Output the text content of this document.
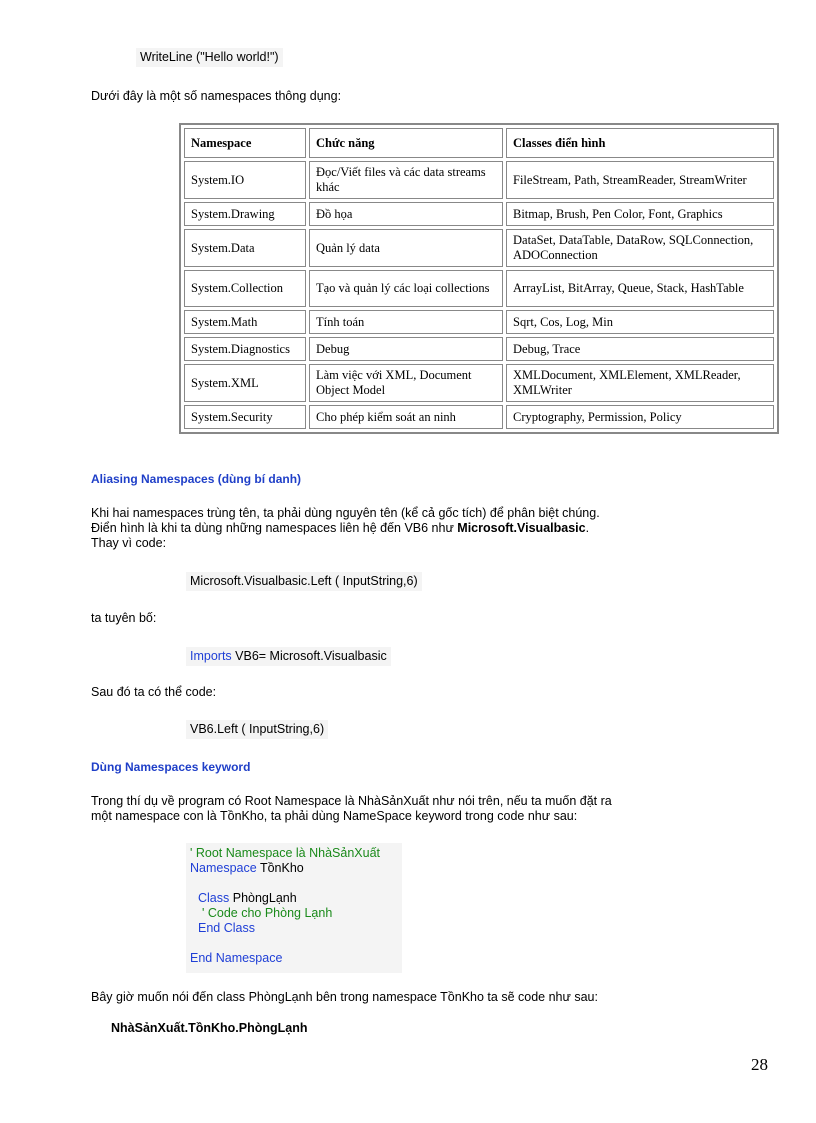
WriteLine ("Hello world!")
Dưới đây là một số namespaces thông dụng:
Namespace	Chức năng	Classes điển hình
System.IO	Đọc/Viết files và các data streams khác	FileStream, Path, StreamReader, StreamWriter
System.Drawing	Đồ họa	Bitmap, Brush, Pen Color, Font, Graphics
System.Data	Quản lý data	DataSet, DataTable, DataRow, SQLConnection, ADOConnection
System.Collection	Tạo và quản lý các loại collections	ArrayList, BitArray, Queue, Stack, HashTable
System.Math	Tính toán	Sqrt, Cos, Log, Min
System.Diagnostics	Debug	Debug, Trace
System.XML	Làm việc với XML, Document Object Model	XMLDocument, XMLElement, XMLReader, XMLWriter
System.Security	Cho phép kiểm soát an ninh	Cryptography, Permission, Policy
Aliasing Namespaces (dùng bí danh)
Khi hai namespaces trùng tên, ta phải dùng nguyên tên (kể cả gốc tích) để phân biệt chúng.
Điển hình là khi ta dùng những namespaces liên hệ đến VB6 như Microsoft.Visualbasic.
Thay vì code:
Microsoft.Visualbasic.Left ( InputString,6)
ta tuyên bố:
Imports VB6= Microsoft.Visualbasic
Sau đó ta có thể code:
VB6.Left ( InputString,6)
Dùng Namespaces keyword
Trong thí dụ về program có Root Namespace là NhàSảnXuất như nói trên, nếu ta muốn đặt ra
một namespace con là TồnKho, ta phải dùng NameSpace keyword trong code như sau:
' Root Namespace là NhàSảnXuất
Namespace TồnKho
Class PhòngLạnh
' Code cho Phòng Lạnh
End Class
End Namespace
Bây giờ muốn nói đến class PhòngLạnh bên trong namespace TồnKho ta sẽ code như sau:
NhàSảnXuất.TồnKho.PhòngLạnh
28
